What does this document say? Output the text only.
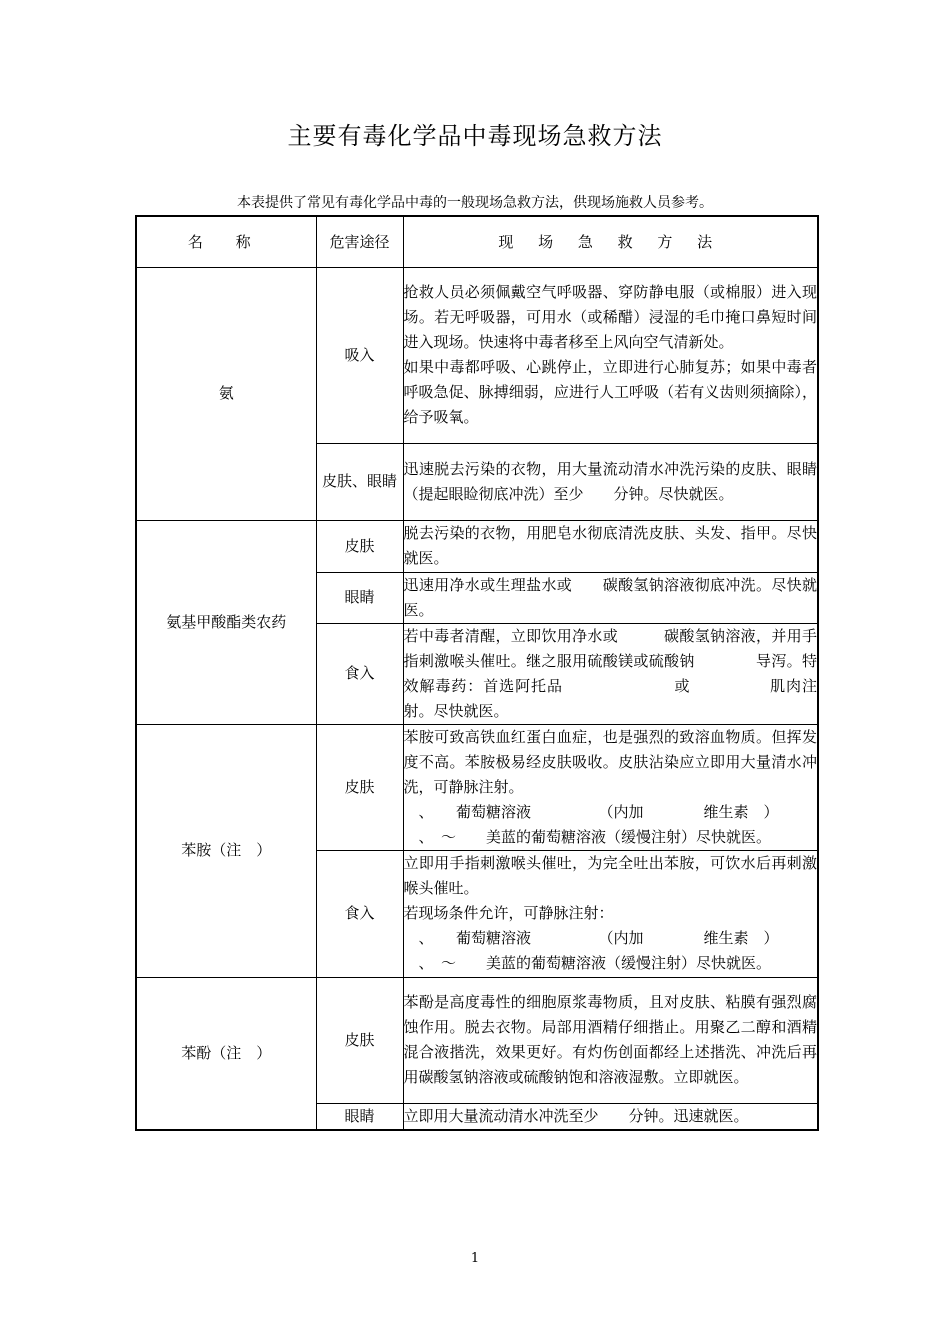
主要有毒化学品中毒现场急救方法
本表提供了常见有毒化学品中毒的一般现场急救方法，供现场施救人员参考。
名 称	危害途径	现 场 急 救 方 法
氨	吸入	抢救人员必须佩戴空气呼吸器、穿防静电服（或棉服）进入现场。若无呼吸器，可用水（或稀醋）浸湿的毛巾掩口鼻短时间进入现场。快速将中毒者移至上风向空气清新处。

如果中毒都呼吸、心跳停止，立即进行心肺复苏；如果中毒者呼吸急促、脉搏细弱，应进行人工呼吸（若有义齿则须摘除），给予吸氧。

	皮肤、眼睛	迅速脱去污染的衣物，用大量流动清水冲洗污染的皮肤、眼睛（提起眼睑彻底冲洗）至少　　分钟。尽快就医。

氨基甲酸酯类农药	皮肤	脱去污染的衣物，用肥皂水彻底清洗皮肤、头发、指甲。尽快就医。

	眼睛	迅速用净水或生理盐水或　　碳酸氢钠溶液彻底冲洗。尽快就医。

	食入	若中毒者清醒，立即饮用净水或　　　碳酸氢钠溶液，并用手指刺激喉头催吐。继之服用硫酸镁或硫酸钠　　　　导泻。特效解毒药：首选阿托品　　　　　　　或　　　　　肌肉注射。尽快就医。

苯胺（注　）	皮肤	苯胺可致高铁血红蛋白血症，也是强烈的致溶血物质。但挥发度不高。苯胺极易经皮肤吸收。皮肤沾染应立即用大量清水冲洗，可静脉注射。

　、　　葡萄糖溶液　　　　　（内加　　　　维生素　）

　、　～　　美蓝的葡萄糖溶液（缓慢注射）尽快就医。

	食入	立即用手指刺激喉头催吐，为完全吐出苯胺，可饮水后再刺激喉头催吐。

若现场条件允许，可静脉注射：

　、　　葡萄糖溶液　　　　　（内加　　　　维生素　）

　、　～　　美蓝的葡萄糖溶液（缓慢注射）尽快就医。

苯酚（注　）	皮肤	苯酚是高度毒性的细胞原浆毒物质，且对皮肤、粘膜有强烈腐蚀作用。脱去衣物。局部用酒精仔细揩止。用聚乙二醇和酒精混合液揩洗，效果更好。有灼伤创面都经上述揩洗、冲洗后再用碳酸氢钠溶液或硫酸钠饱和溶液湿敷。立即就医。

	眼睛	立即用大量流动清水冲洗至少　　分钟。迅速就医。

1
